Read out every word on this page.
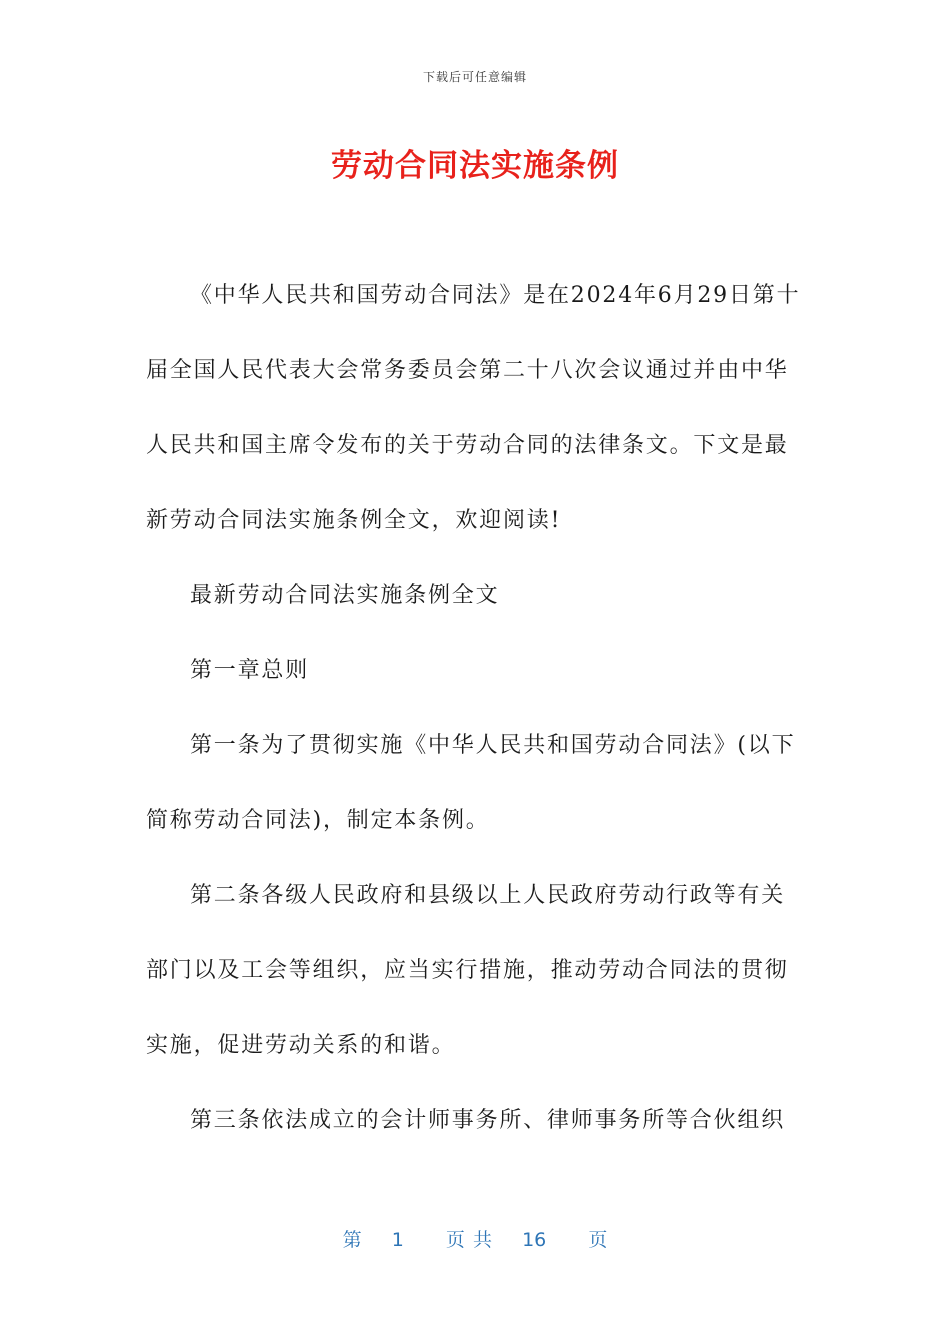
下载后可任意编辑
劳动合同法实施条例

《中华人民共和国劳动合同法》是在2024年6月29日第十届全国人民代表大会常务委员会第二十八次会议通过并由中华人民共和国主席令发布的关于劳动合同的法律条文。下文是最新劳动合同法实施条例全文，欢迎阅读!

最新劳动合同法实施条例全文

第一章总则

第一条为了贯彻实施《中华人民共和国劳动合同法》(以下简称劳动合同法)，制定本条例。

第二条各级人民政府和县级以上人民政府劳动行政等有关部门以及工会等组织，应当实行措施，推动劳动合同法的贯彻实施，促进劳动关系的和谐。

第三条依法成立的会计师事务所、律师事务所等合伙组织

第 1 页 共 16 页
